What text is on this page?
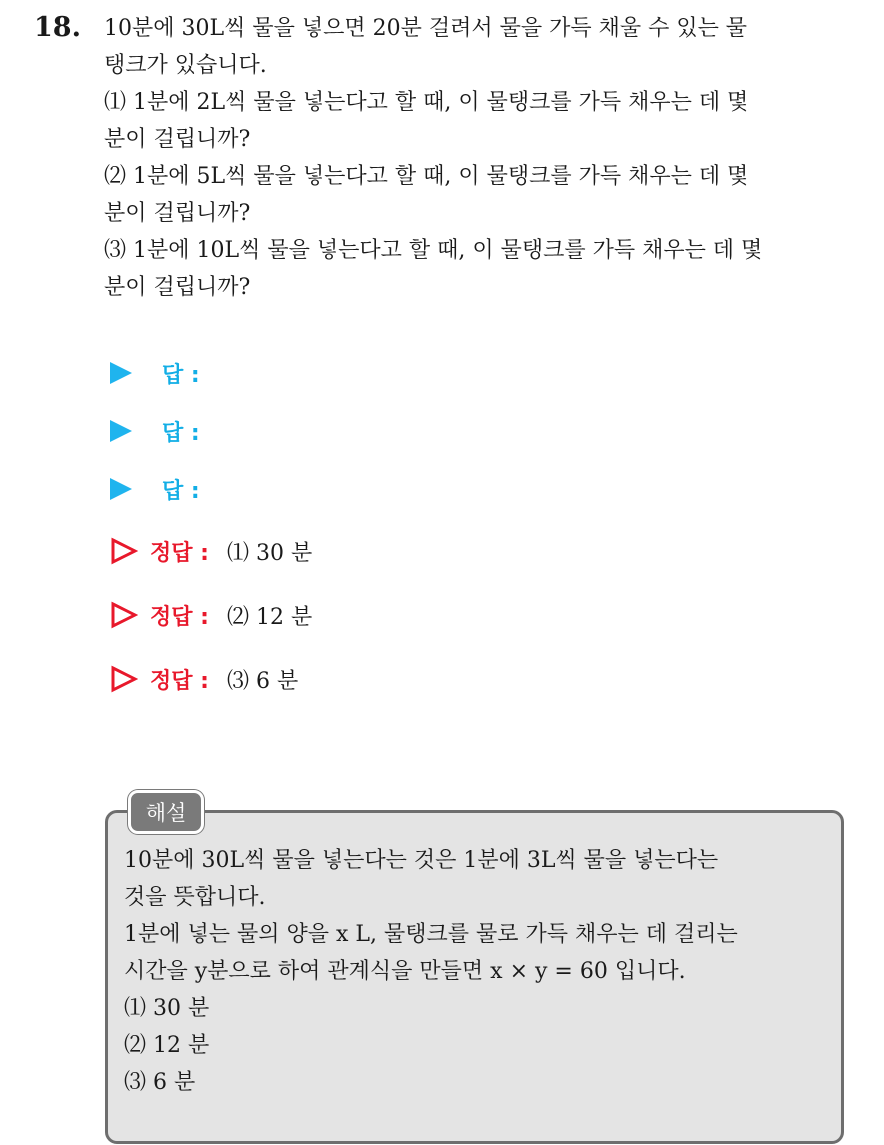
18. 10분에 30L씩 물을 넣으면 20분 걸려서 물을 가득 채울 수 있는 물

탱크가 있습니다.

⑴ 1분에 2L씩 물을 넣는다고 할 때, 이 물탱크를 가득 채우는 데 몇

분이 걸립니까?

⑵ 1분에 5L씩 물을 넣는다고 할 때, 이 물탱크를 가득 채우는 데 몇

분이 걸립니까?

⑶ 1분에 10L씩 물을 넣는다고 할 때, 이 물탱크를 가득 채우는 데 몇

분이 걸립니까?

답 :
답 :
답 :
정답 : ⑴ 30 분
정답 : ⑵ 12 분
정답 : ⑶ 6 분
해설

10분에 30L씩 물을 넣는다는 것은 1분에 3L씩 물을 넣는다는

것을 뜻합니다.

1분에 넣는 물의 양을 x L, 물탱크를 물로 가득 채우는 데 걸리는

시간을 y분으로 하여 관계식을 만들면 x × y = 60 입니다.

⑴ 30 분

⑵ 12 분

⑶ 6 분
